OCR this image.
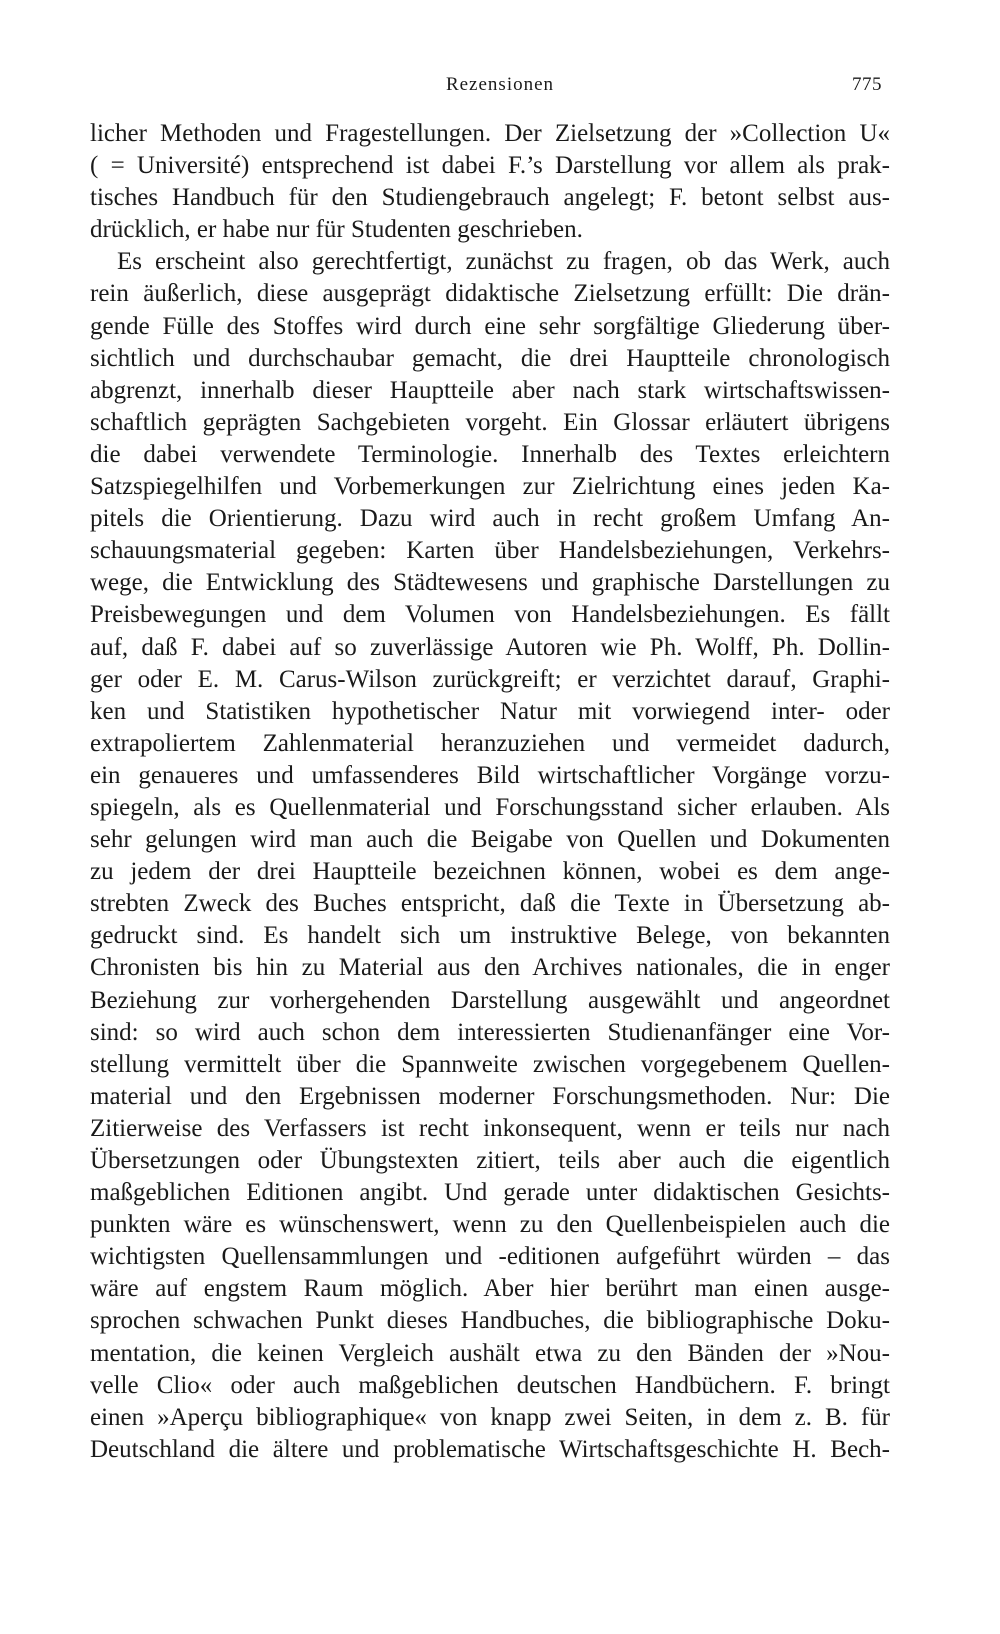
Rezensionen	775
licher Methoden und Fragestellungen. Der Zielsetzung der »Collection U«
( = Université) entsprechend ist dabei F.’s Darstellung vor allem als prak-
tisches Handbuch für den Studiengebrauch angelegt; F. betont selbst aus-
drücklich, er habe nur für Studenten geschrieben.
Es erscheint also gerechtfertigt, zunächst zu fragen, ob das Werk, auch
rein äußerlich, diese ausgeprägt didaktische Zielsetzung erfüllt: Die drän-
gende Fülle des Stoffes wird durch eine sehr sorgfältige Gliederung über-
sichtlich und durchschaubar gemacht, die drei Hauptteile chronologisch
abgrenzt, innerhalb dieser Hauptteile aber nach stark wirtschaftswissen-
schaftlich geprägten Sachgebieten vorgeht. Ein Glossar erläutert übrigens
die dabei verwendete Terminologie. Innerhalb des Textes erleichtern
Satzspiegelhilfen und Vorbemerkungen zur Zielrichtung eines jeden Ka-
pitels die Orientierung. Dazu wird auch in recht großem Umfang An-
schauungsmaterial gegeben: Karten über Handelsbeziehungen, Verkehrs-
wege, die Entwicklung des Städtewesens und graphische Darstellungen zu
Preisbewegungen und dem Volumen von Handelsbeziehungen. Es fällt
auf, daß F. dabei auf so zuverlässige Autoren wie Ph. Wolff, Ph. Dollin-
ger oder E. M. Carus-Wilson zurückgreift; er verzichtet darauf, Graphi-
ken und Statistiken hypothetischer Natur mit vorwiegend inter- oder
extrapoliertem Zahlenmaterial heranzuziehen und vermeidet dadurch,
ein genaueres und umfassenderes Bild wirtschaftlicher Vorgänge vorzu-
spiegeln, als es Quellenmaterial und Forschungsstand sicher erlauben. Als
sehr gelungen wird man auch die Beigabe von Quellen und Dokumenten
zu jedem der drei Hauptteile bezeichnen können, wobei es dem ange-
strebten Zweck des Buches entspricht, daß die Texte in Übersetzung ab-
gedruckt sind. Es handelt sich um instruktive Belege, von bekannten
Chronisten bis hin zu Material aus den Archives nationales, die in enger
Beziehung zur vorhergehenden Darstellung ausgewählt und angeordnet
sind: so wird auch schon dem interessierten Studienanfänger eine Vor-
stellung vermittelt über die Spannweite zwischen vorgegebenem Quellen-
material und den Ergebnissen moderner Forschungsmethoden. Nur: Die
Zitierweise des Verfassers ist recht inkonsequent, wenn er teils nur nach
Übersetzungen oder Übungstexten zitiert, teils aber auch die eigentlich
maßgeblichen Editionen angibt. Und gerade unter didaktischen Gesichts-
punkten wäre es wünschenswert, wenn zu den Quellenbeispielen auch die
wichtigsten Quellensammlungen und -editionen aufgeführt würden – das
wäre auf engstem Raum möglich. Aber hier berührt man einen ausge-
sprochen schwachen Punkt dieses Handbuches, die bibliographische Doku-
mentation, die keinen Vergleich aushält etwa zu den Bänden der »Nou-
velle Clio« oder auch maßgeblichen deutschen Handbüchern. F. bringt
einen »Aperçu bibliographique« von knapp zwei Seiten, in dem z. B. für
Deutschland die ältere und problematische Wirtschaftsgeschichte H. Bech-
